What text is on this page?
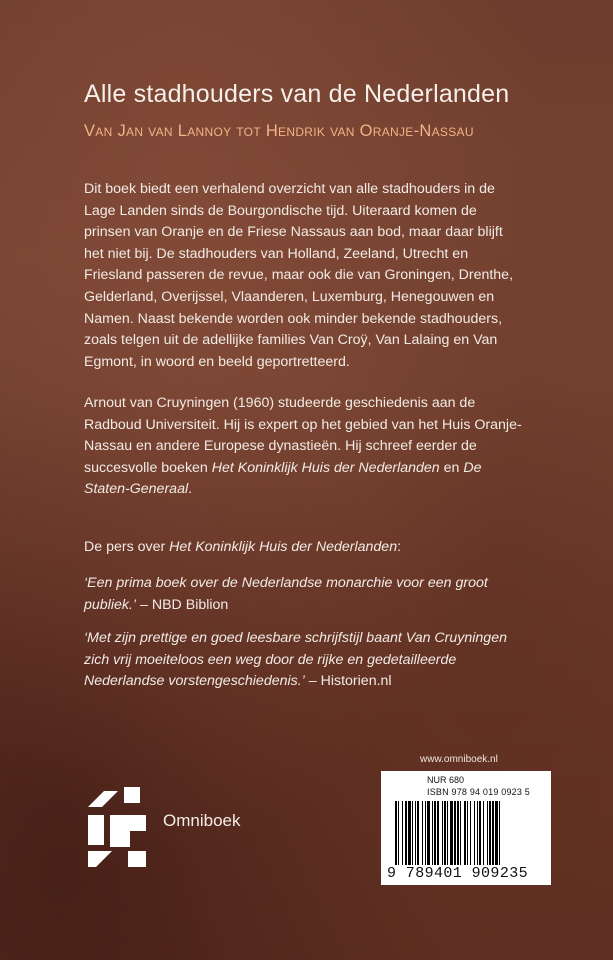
Alle stadhouders van de Nederlanden
Van Jan van Lannoy tot Hendrik van Oranje-Nassau
Dit boek biedt een verhalend overzicht van alle stadhouders in de Lage Landen sinds de Bourgondische tijd. Uiteraard komen de prinsen van Oranje en de Friese Nassaus aan bod, maar daar blijft het niet bij. De stadhouders van Holland, Zeeland, Utrecht en Friesland passeren de revue, maar ook die van Groningen, Drenthe, Gelderland, Overijssel, Vlaanderen, Luxemburg, Henegouwen en Namen. Naast bekende worden ook minder bekende stadhouders, zoals telgen uit de adellijke families Van Croÿ, Van Lalaing en Van Egmont, in woord en beeld geportretteerd.
Arnout van Cruyningen (1960) studeerde geschiedenis aan de Radboud Universiteit. Hij is expert op het gebied van het Huis Oranje-Nassau en andere Europese dynastieën. Hij schreef eerder de succesvolle boeken Het Koninklijk Huis der Nederlanden en De Staten-Generaal.
De pers over Het Koninklijk Huis der Nederlanden:
‘Een prima boek over de Nederlandse monarchie voor een groot publiek.’ – NBD Biblion
‘Met zijn prettige en goed leesbare schrijfstijl baant Van Cruyningen zich vrij moeiteloos een weg door de rijke en gedetailleerde Nederlandse vorstengeschiedenis.’ – Historien.nl
www.omniboek.nl
NUR 680
ISBN 978 94 019 0923 5
9 789401 909235
Omniboek
